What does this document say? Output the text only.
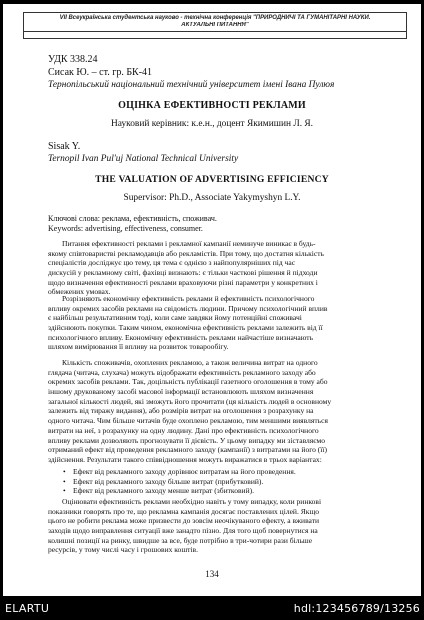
VII Всеукраїнська студентська науково - технічна конференція "ПРИРОДНИЧІ ТА ГУМАНІТАРНІ НАУКИ.
АКТУАЛЬНІ ПИТАННЯ"
УДК 338.24
Сисак Ю. – ст. гр. БК-41
Тернопільський національний технічний університет імені Івана Пулюя
ОЦІНКА ЕФЕКТИВНОСТІ РЕКЛАМИ
Науковий керівник: к.е.н., доцент Якимишин Л. Я.
Sisak Y.
Ternopil Ivan Pul'uj National Technical University
THE VALUATION OF ADVERTISING EFFICIENCY
Supervisor: Ph.D., Associate Yakymyshyn L.Y.
Ключові слова: реклама, ефективність, споживач.
Keywords: advertising, effectiveness, consumer.
Питання ефективності реклами і рекламної кампанії неминуче виникає в будь-
якому співтоваристві рекламодавців або рекламістів. При тому, що достатня кількість
спеціалістів досліджує цю тему, ця тема є однією з найпопулярніших під час
дискусій у рекламному світі, фахівці визнають: є тільки часткові рішення й підходи
щодо визначення ефективності реклами враховуючи різні параметри у конкретних і
обмежених умовах.
Розрізняють економічну ефективність реклами й ефективність психологічного
впливу окремих засобів реклами на свідомість людини. Причому психологічний вплив
є найбільш результативним тоді, коли саме завдяки йому потенційні споживачі
здійснюють покупки. Таким чином, економічна ефективність реклами залежить від її
психологічного впливу. Економічну ефективність реклами найчастіше визначають
шляхом вимірювання її впливу на розвиток товарообігу.
Кількість споживачів, охоплених рекламою, а також величина витрат на одного
глядача (читача, слухача) можуть відображати ефективність рекламного заходу або
окремих засобів реклами. Так, доцільність публікації газетного оголошення в тому або
іншому друкованому засобі масової інформації встановлюють шляхом визначення
загальної кількості людей, які зможуть його прочитати (ця кількість людей в основному
залежить від тиражу видання), або розмірів витрат на оголошення з розрахунку на
одного читача. Чим більше читачів буде охоплено рекламою, тим меншими виявляться
витрати на неї, з розрахунку на одну людину. Дані про ефективність психологічного
впливу реклами дозволяють прогнозувати її дієвість. У цьому випадку ми зіставляємо
отриманий ефект від проведення рекламного заходу (кампанії) з витратами на його (її)
здійснення. Результати такого співвідношення можуть виражатися в трьох варіантах:
• Ефект від рекламного заходу дорівнює витратам на його проведення.
• Ефект від рекламного заходу більше витрат (прибутковий).
• Ефект від рекламного заходу менше витрат (збитковий).
Оцінювати ефективність реклами необхідно навіть у тому випадку, коли ринкові
показники говорять про те, що рекламна кампанія досягає поставлених цілей. Якщо
цього не робити реклама може призвести до зовсім неочікуваного ефекту, а вживати
заходів щодо виправлення ситуації вже занадто пізно. Для того щоб повернутися на
колишні позиції на ринку, швидше за все, буде потрібно в три-чотири рази більше
ресурсів, у тому числі часу і грошових коштів.
134
ELARTU	hdl:123456789/13256
